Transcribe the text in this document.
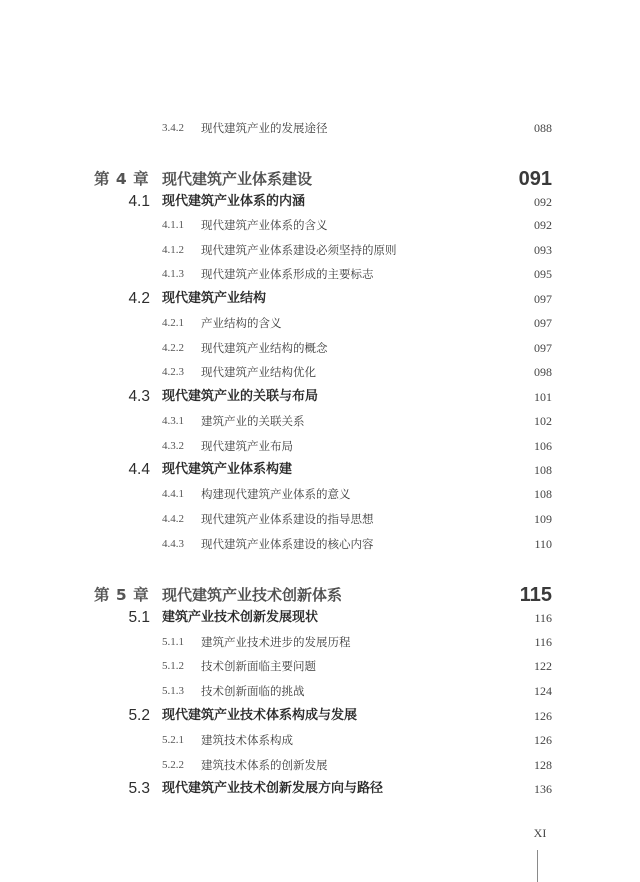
3.4.2 现代建筑产业的发展途径	088
第 4 章 现代建筑产业体系建设	091
4.1 现代建筑产业体系的内涵	092
4.1.1 现代建筑产业体系的含义	092
4.1.2 现代建筑产业体系建设必须坚持的原则	093
4.1.3 现代建筑产业体系形成的主要标志	095
4.2 现代建筑产业结构	097
4.2.1 产业结构的含义	097
4.2.2 现代建筑产业结构的概念	097
4.2.3 现代建筑产业结构优化	098
4.3 现代建筑产业的关联与布局	101
4.3.1 建筑产业的关联关系	102
4.3.2 现代建筑产业布局	106
4.4 现代建筑产业体系构建	108
4.4.1 构建现代建筑产业体系的意义	108
4.4.2 现代建筑产业体系建设的指导思想	109
4.4.3 现代建筑产业体系建设的核心内容	110
第 5 章 现代建筑产业技术创新体系	115
5.1 建筑产业技术创新发展现状	116
5.1.1 建筑产业技术进步的发展历程	116
5.1.2 技术创新面临主要问题	122
5.1.3 技术创新面临的挑战	124
5.2 现代建筑产业技术体系构成与发展	126
5.2.1 建筑技术体系构成	126
5.2.2 建筑技术体系的创新发展	128
5.3 现代建筑产业技术创新发展方向与路径	136
XI
